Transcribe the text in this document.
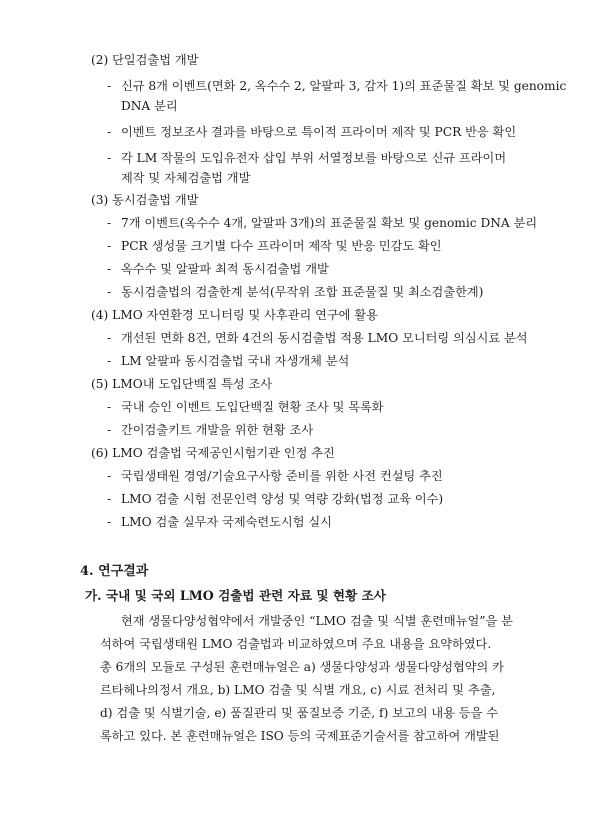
(2) 단일검출법 개발
- 신규 8개 이벤트(면화 2, 옥수수 2, 알팔파 3, 감자 1)의 표준물질 확보 및 genomic
DNA 분리
- 이벤트 정보조사 결과를 바탕으로 특이적 프라이머 제작 및 PCR 반응 확인
- 각 LM 작물의 도입유전자 삽입 부위 서열정보를 바탕으로 신규 프라이머
제작 및 자체검출법 개발
(3) 동시검출법 개발
- 7개 이벤트(옥수수 4개, 알팔파 3개)의 표준물질 확보 및 genomic DNA 분리
- PCR 생성물 크기별 다수 프라이머 제작 및 반응 민감도 확인
- 옥수수 및 알팔파 최적 동시검출법 개발
- 동시검출법의 검출한계 분석(무작위 조합 표준물질 및 최소검출한계)
(4) LMO 자연환경 모니터링 및 사후관리 연구에 활용
- 개선된 면화 8건, 면화 4건의 동시검출법 적용 LMO 모니터링 의심시료 분석
- LM 알팔파 동시검출법 국내 자생개체 분석
(5) LMO내 도입단백질 특성 조사
- 국내 승인 이벤트 도입단백질 현황 조사 및 목록화
- 간이검출키트 개발을 위한 현황 조사
(6) LMO 검출법 국제공인시험기관 인정 추진
- 국립생태원 경영/기술요구사항 준비를 위한 사전 컨설팅 추진
- LMO 검출 시험 전문인력 양성 및 역량 강화(법정 교육 이수)
- LMO 검출 실무자 국제숙련도시험 실시
4. 연구결과
가. 국내 및 국외 LMO 검출법 관련 자료 및 현황 조사
현재 생물다양성협약에서 개발중인 “LMO 검출 및 식별 훈련매뉴얼”을 분
석하여 국립생태원 LMO 검출법과 비교하였으며 주요 내용을 요약하였다.
총 6개의 모듈로 구성된 훈련매뉴얼은 a) 생물다양성과 생물다양성협약의 카
르타헤나의정서 개요, b) LMO 검출 및 식별 개요, c) 시료 전처리 및 추출,
d) 검출 및 식별기술, e) 품질관리 및 품질보증 기준, f) 보고의 내용 등을 수
록하고 있다. 본 훈련매뉴얼은 ISO 등의 국제표준기술서를 참고하여 개발된
